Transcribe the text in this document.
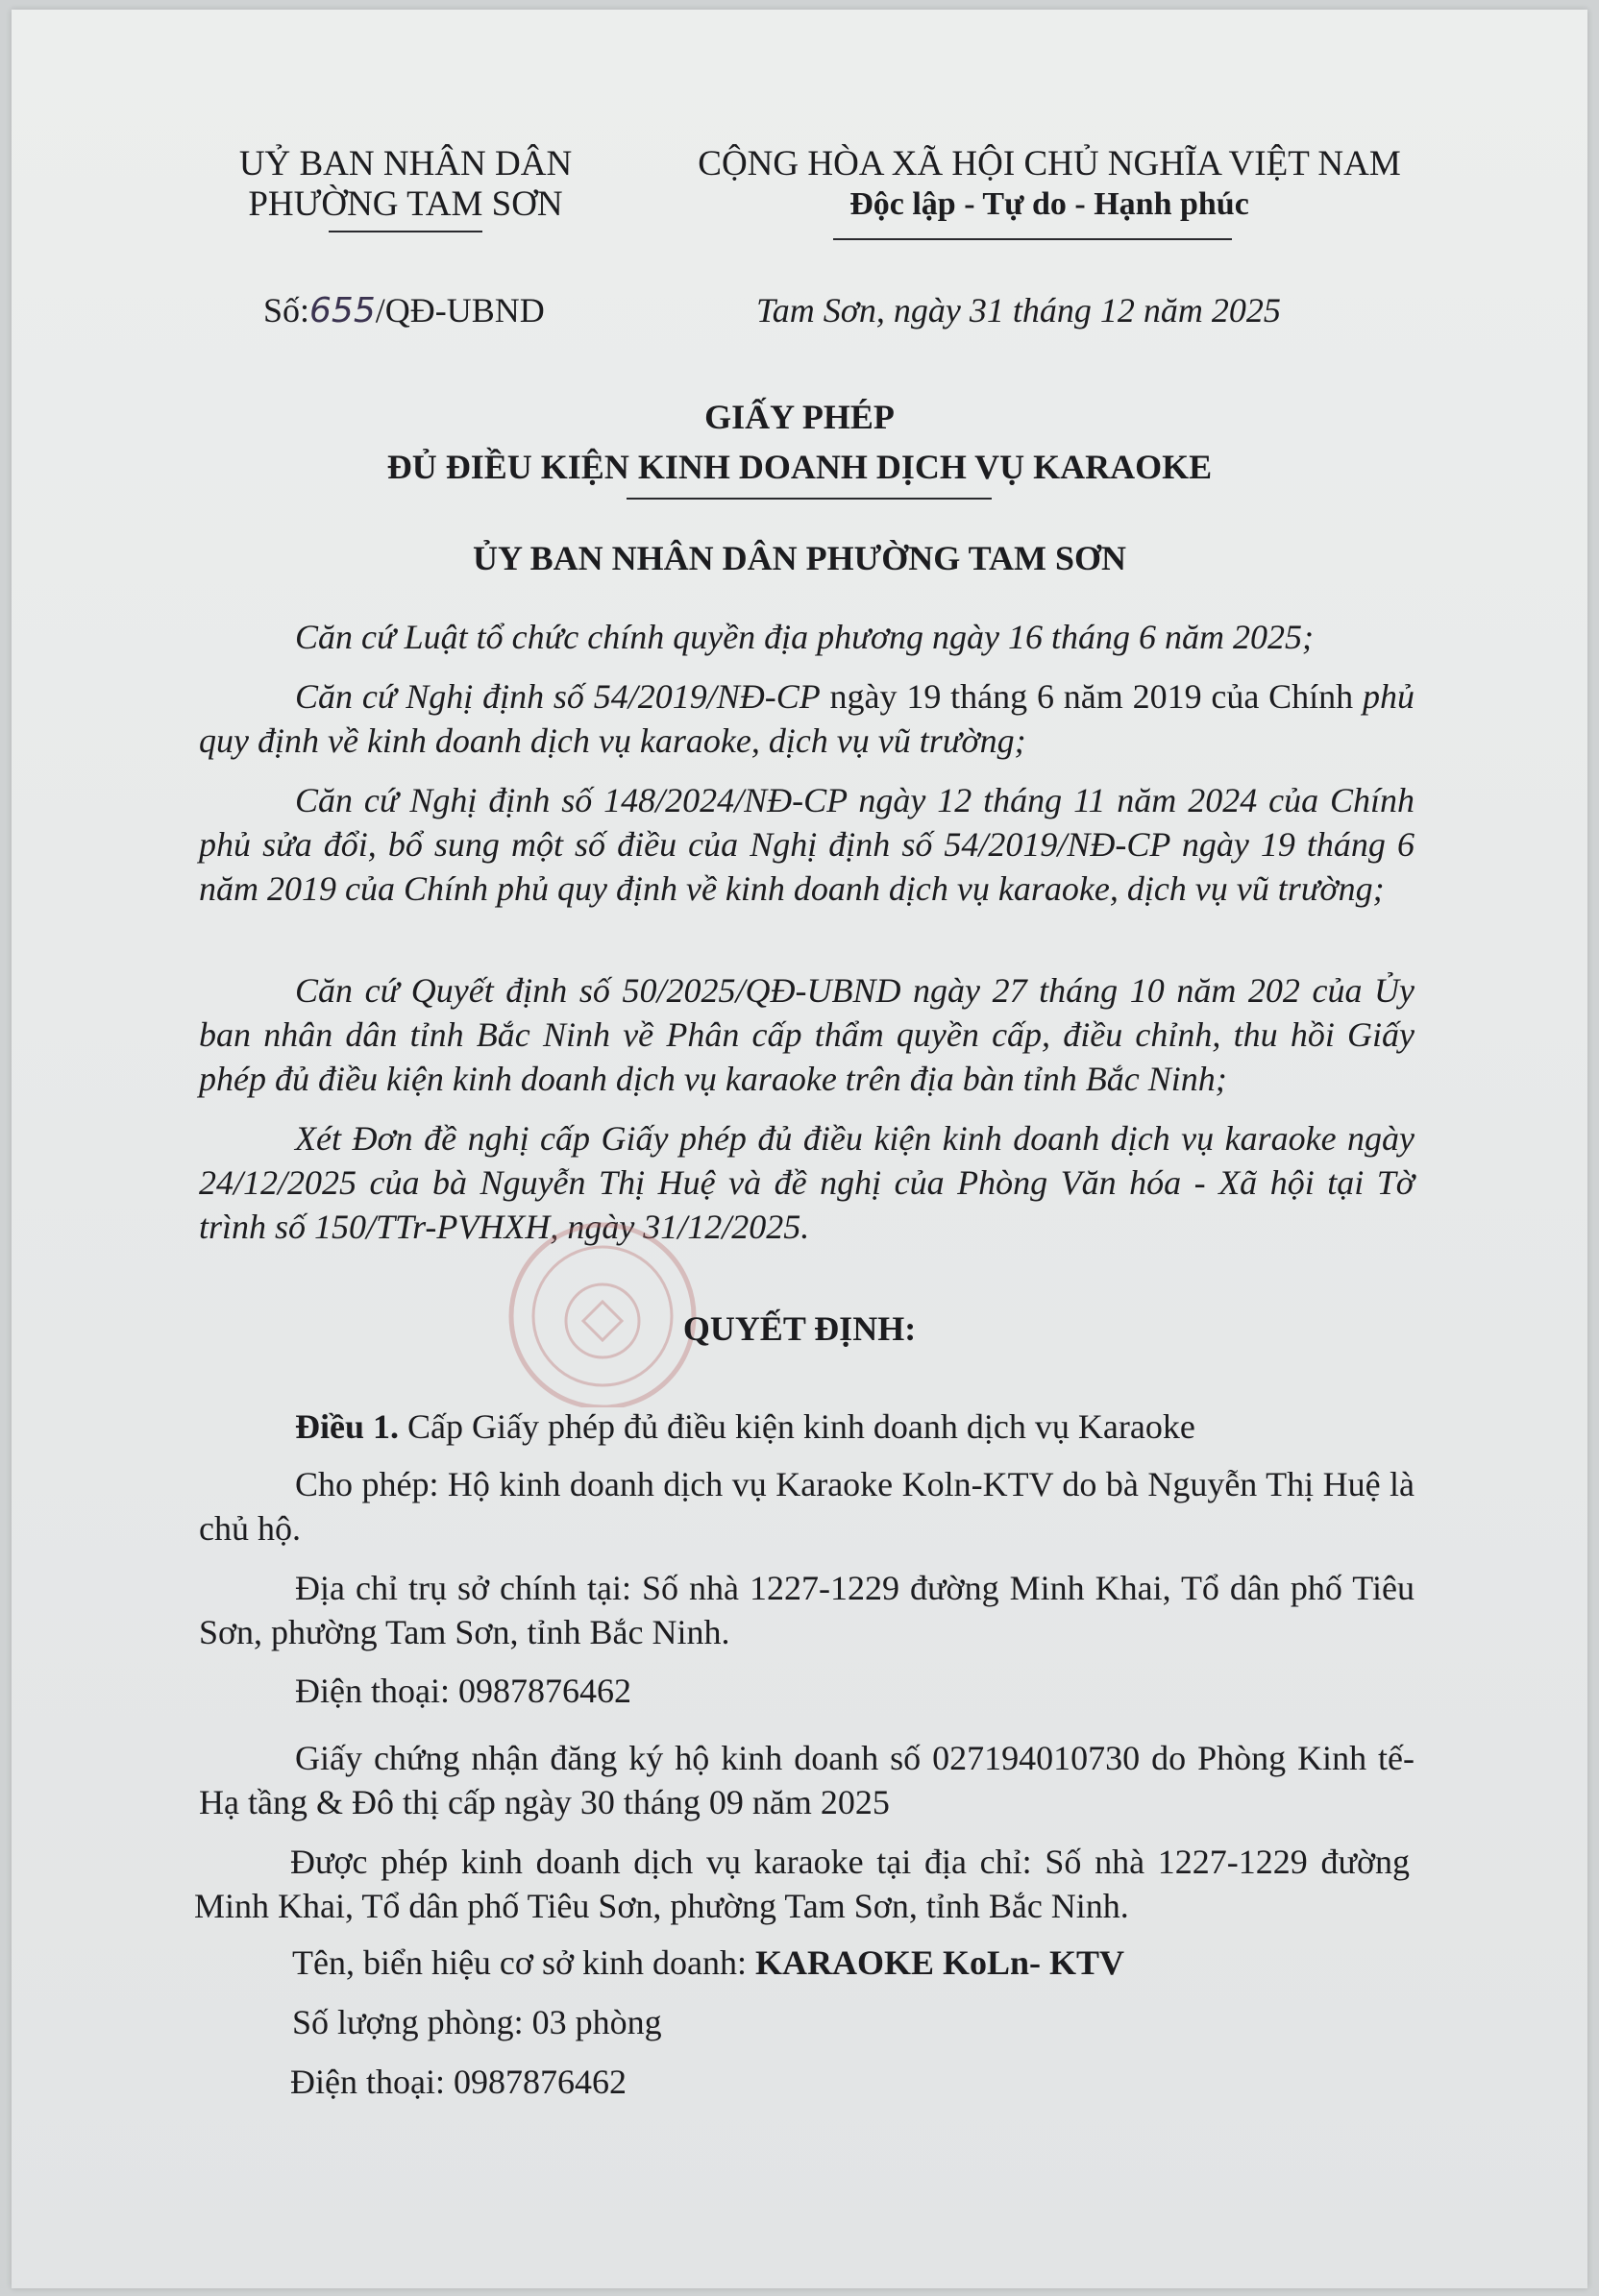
UỶ BAN NHÂN DÂN
PHƯỜNG TAM SƠN
CỘNG HÒA XÃ HỘI CHỦ NGHĨA VIỆT NAM
Độc lập - Tự do - Hạnh phúc
Số:655/QĐ-UBND	Tam Sơn, ngày 31 tháng 12 năm 2025
GIẤY PHÉP
ĐỦ ĐIỀU KIỆN KINH DOANH DỊCH VỤ KARAOKE
ỦY BAN NHÂN DÂN PHƯỜNG TAM SƠN
Căn cứ Luật tổ chức chính quyền địa phương ngày 16 tháng 6 năm 2025;
Căn cứ Nghị định số 54/2019/NĐ-CP ngày 19 tháng 6 năm 2019 của Chính phủ quy định về kinh doanh dịch vụ karaoke, dịch vụ vũ trường;
Căn cứ Nghị định số 148/2024/NĐ-CP ngày 12 tháng 11 năm 2024 của Chính phủ sửa đổi, bổ sung một số điều của Nghị định số 54/2019/NĐ-CP ngày 19 tháng 6 năm 2019 của Chính phủ quy định về kinh doanh dịch vụ karaoke, dịch vụ vũ trường;
Căn cứ Quyết định số 50/2025/QĐ-UBND ngày 27 tháng 10 năm 202 của Ủy ban nhân dân tỉnh Bắc Ninh về Phân cấp thẩm quyền cấp, điều chỉnh, thu hồi Giấy phép đủ điều kiện kinh doanh dịch vụ karaoke trên địa bàn tỉnh Bắc Ninh;
Xét Đơn đề nghị cấp Giấy phép đủ điều kiện kinh doanh dịch vụ karaoke ngày 24/12/2025 của bà Nguyễn Thị Huệ và đề nghị của Phòng Văn hóa - Xã hội tại Tờ trình số 150/TTr-PVHXH, ngày 31/12/2025.
QUYẾT ĐỊNH:
Điều 1. Cấp Giấy phép đủ điều kiện kinh doanh dịch vụ Karaoke
Cho phép: Hộ kinh doanh dịch vụ Karaoke Koln-KTV do bà Nguyễn Thị Huệ là chủ hộ.
Địa chỉ trụ sở chính tại: Số nhà 1227-1229 đường Minh Khai, Tổ dân phố Tiêu Sơn, phường Tam Sơn, tỉnh Bắc Ninh.
Điện thoại: 0987876462
Giấy chứng nhận đăng ký hộ kinh doanh số 027194010730 do Phòng Kinh tế- Hạ tầng & Đô thị cấp ngày 30 tháng 09 năm 2025
Được phép kinh doanh dịch vụ karaoke tại địa chỉ: Số nhà 1227-1229 đường Minh Khai, Tổ dân phố Tiêu Sơn, phường Tam Sơn, tỉnh Bắc Ninh.
Tên, biển hiệu cơ sở kinh doanh: KARAOKE KoLn- KTV
Số lượng phòng: 03 phòng
Điện thoại: 0987876462
